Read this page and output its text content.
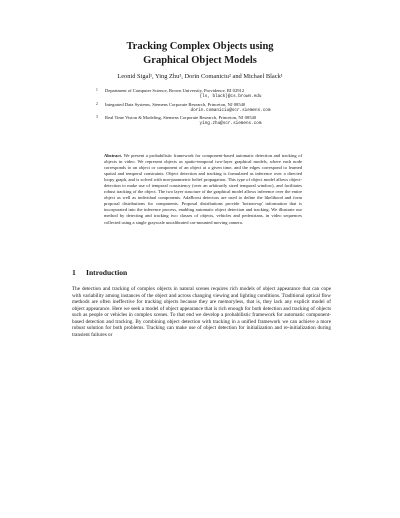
Tracking Complex Objects using
Graphical Object Models
Leonid Sigal¹, Ying Zhu³, Dorin Comaniciu² and Michael Black¹
1 Department of Computer Science, Brown University, Providence, RI 02912
{ls, black}@cs.brown.edu
2 Integrated Data Systems, Siemens Corporate Research, Princeton, NJ 08540
dorin.comaniciu@scr.siemens.com
3 Real Time Vision & Modeling, Siemens Corporate Research, Princeton, NJ 08540
ying.zhu@scr.siemens.com
Abstract. We present a probabilistic framework for component-based automatic detection and tracking of objects in video. We represent objects as spatio-temporal two-layer graphical models, where each node corresponds to an object or component of an object at a given time, and the edges correspond to learned spatial and temporal constraints. Object detection and tracking is formulated as inference over a directed loopy graph, and is solved with non-parametric belief propagation. This type of object model allows object-detection to make use of temporal consistency (over an arbitrarily sized temporal window), and facilitates robust tracking of the object. The two layer structure of the graphical model allows inference over the entire object as well as individual components. AdaBoost detectors are used to define the likelihood and form proposal distributions for components. Proposal distributions provide 'bottom-up' information that is incorporated into the inference process, enabling automatic object detection and tracking. We illustrate our method by detecting and tracking two classes of objects, vehicles and pedestrians, in video sequences collected using a single grayscale uncalibrated car-mounted moving camera.
1 Introduction

The detection and tracking of complex objects in natural scenes requires rich models of object appearance that can cope with variability among instances of the object and across changing viewing and lighting conditions. Traditional optical flow methods are often ineffective for tracking objects because they are memoryless, that is, they lack any explicit model of object appearance. Here we seek a model of object appearance that is rich enough for both detection and tracking of objects such as people or vehicles in complex scenes. To that end we develop a probabilistic framework for automatic component-based detection and tracking. By combining object detection with tracking in a unified framework we can achieve a more robust solution for both problems. Tracking can make use of object detection for initialization and re-initialization during transient failures or
